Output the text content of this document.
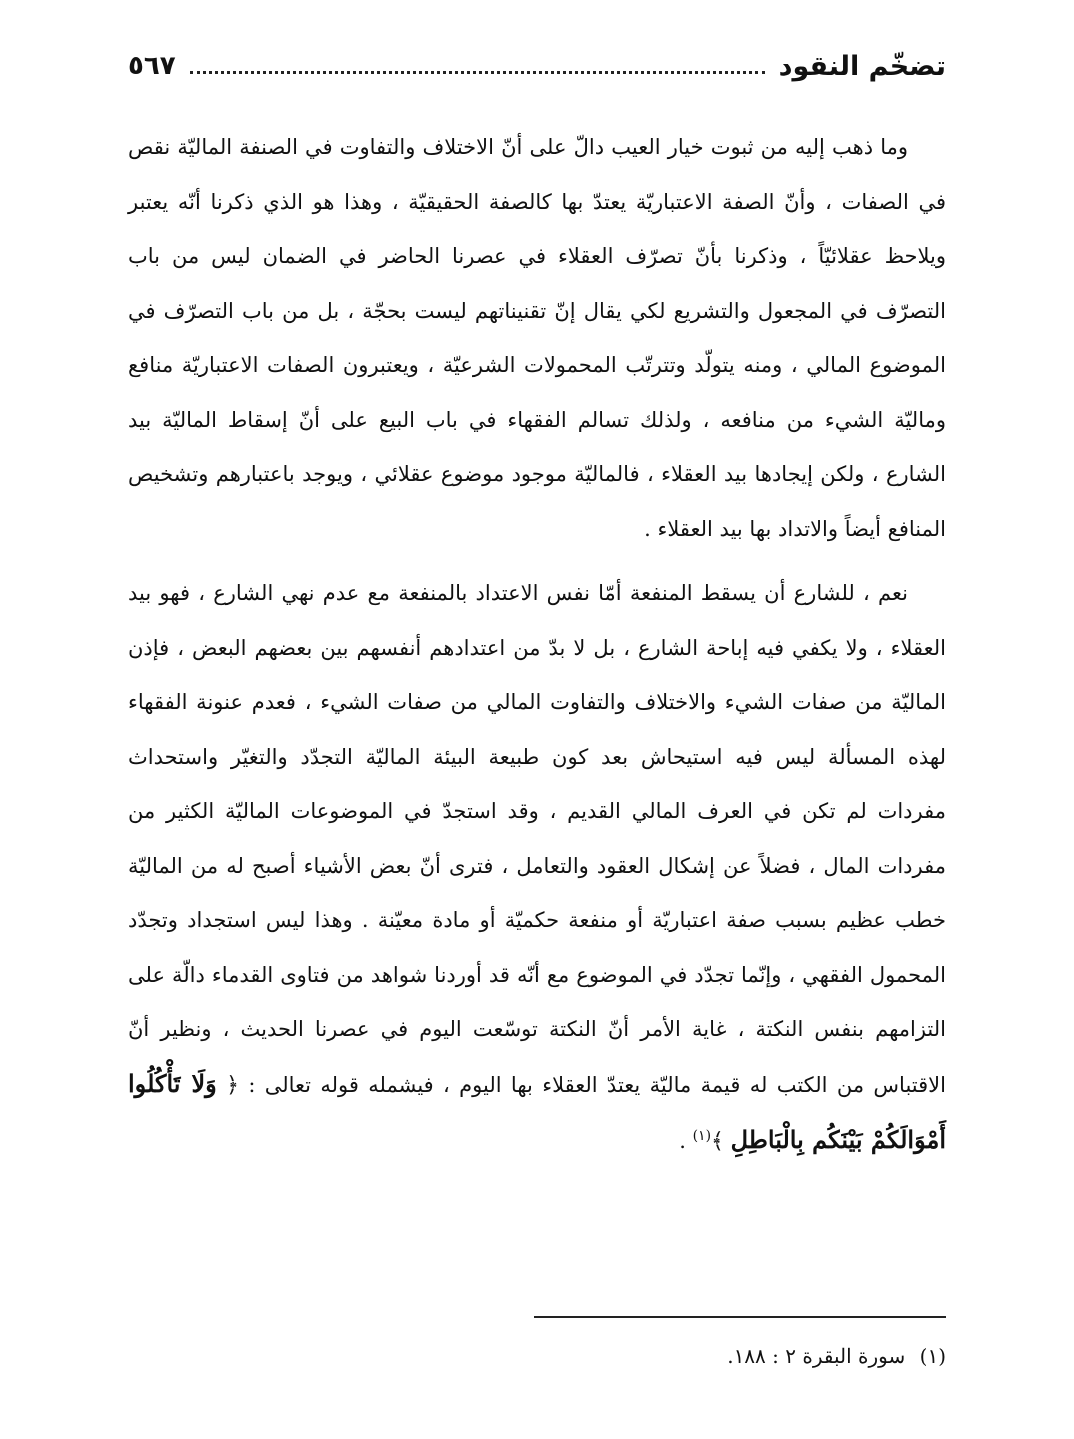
تضخّم النقود
٥٦٧

وما ذهب إليه من ثبوت خيار العيب دالّ على أنّ الاختلاف والتفاوت في الصنفة الماليّة نقص في الصفات ، وأنّ الصفة الاعتباريّة يعتدّ بها كالصفة الحقيقيّة ، وهذا هو الذي ذكرنا أنّه يعتبر ويلاحظ عقلائيّاً ، وذكرنا بأنّ تصرّف العقلاء في عصرنا الحاضر في الضمان ليس من باب التصرّف في المجعول والتشريع لكي يقال إنّ تقنيناتهم ليست بحجّة ، بل من باب التصرّف في الموضوع المالي ، ومنه يتولّد وتترتّب المحمولات الشرعيّة ، ويعتبرون الصفات الاعتباريّة منافع وماليّة الشيء من منافعه ، ولذلك تسالم الفقهاء في باب البيع على أنّ إسقاط الماليّة بيد الشارع ، ولكن إيجادها بيد العقلاء ، فالماليّة موجود موضوع عقلائي ، ويوجد باعتبارهم وتشخيص المنافع أيضاً والاتداد بها بيد العقلاء .

نعم ، للشارع أن يسقط المنفعة أمّا نفس الاعتداد بالمنفعة مع عدم نهي الشارع ، فهو بيد العقلاء ، ولا يكفي فيه إباحة الشارع ، بل لا بدّ من اعتدادهم أنفسهم بين بعضهم البعض ، فإذن الماليّة من صفات الشيء والاختلاف والتفاوت المالي من صفات الشيء ، فعدم عنونة الفقهاء لهذه المسألة ليس فيه استيحاش بعد كون طبيعة البيئة الماليّة التجدّد والتغيّر واستحداث مفردات لم تكن في العرف المالي القديم ، وقد استجدّ في الموضوعات الماليّة الكثير من مفردات المال ، فضلاً عن إشكال العقود والتعامل ، فترى أنّ بعض الأشياء أصبح له من الماليّة خطب عظيم بسبب صفة اعتباريّة أو منفعة حكميّة أو مادة معيّنة . وهذا ليس استجداد وتجدّد المحمول الفقهي ، وإنّما تجدّد في الموضوع مع أنّه قد أوردنا شواهد من فتاوى القدماء دالّة على التزامهم بنفس النكتة ، غاية الأمر أنّ النكتة توسّعت اليوم في عصرنا الحديث ، ونظير أنّ الاقتباس من الكتب له قيمة ماليّة يعتدّ العقلاء بها اليوم ، فيشمله قوله تعالى : ﴿ وَلَا تَأْكُلُوا أَمْوَالَكُمْ بَيْنَكُم بِالْبَاطِلِ ﴾$^{(١)}$ .

(١) سورة البقرة ٢ : ١٨٨.
